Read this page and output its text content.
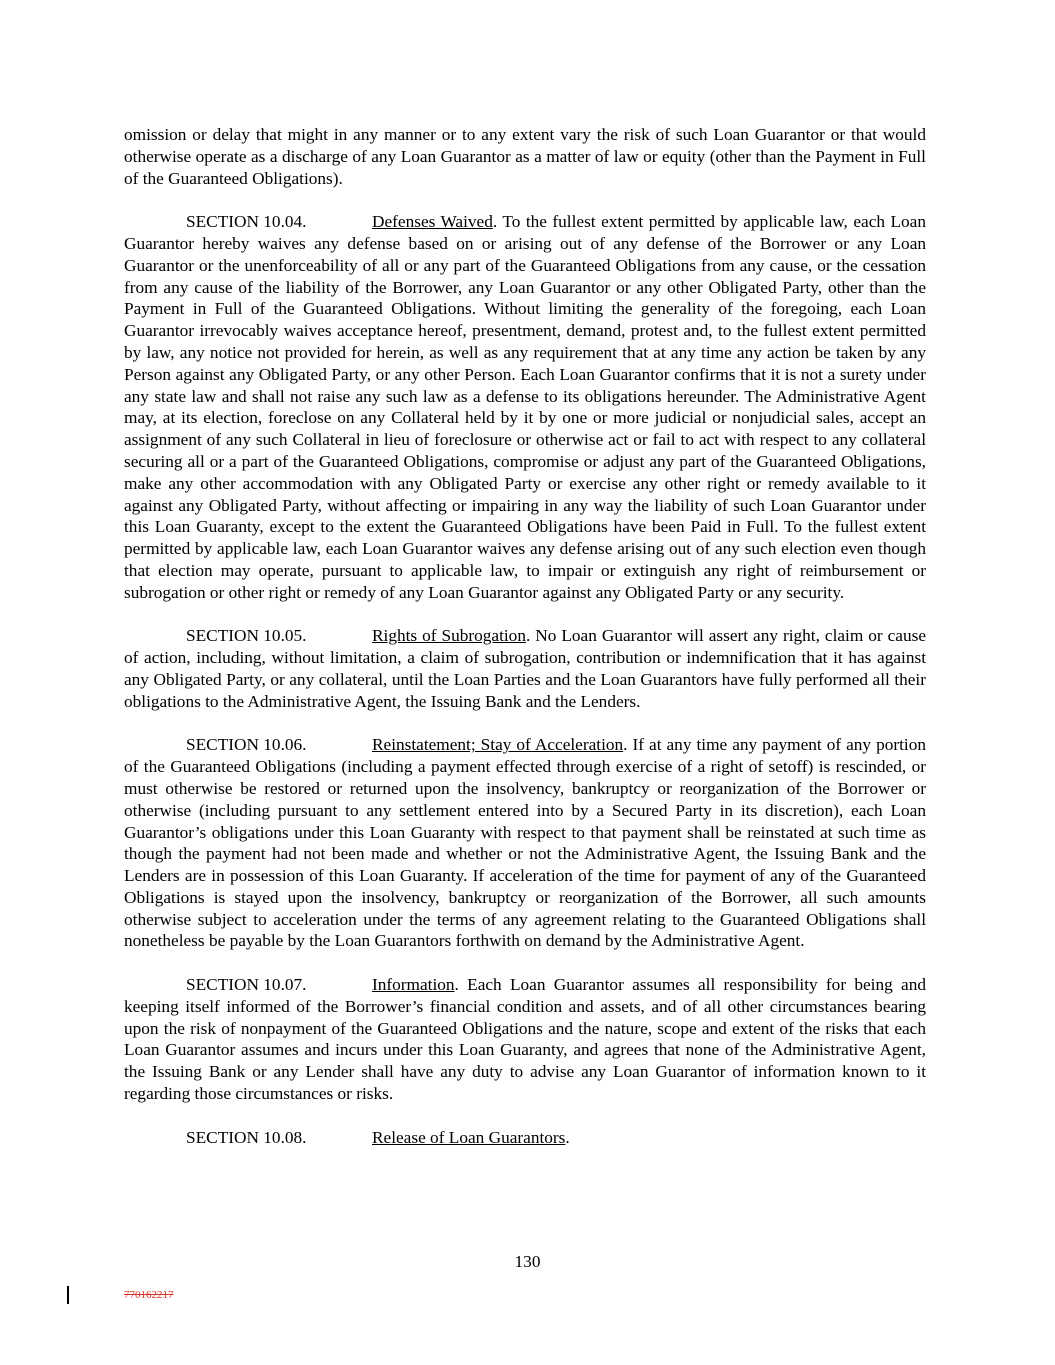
omission or delay that might in any manner or to any extent vary the risk of such Loan Guarantor or that would otherwise operate as a discharge of any Loan Guarantor as a matter of law or equity (other than the Payment in Full of the Guaranteed Obligations).

SECTION 10.04.	Defenses Waived. To the fullest extent permitted by applicable law, each Loan Guarantor hereby waives any defense based on or arising out of any defense of the Borrower or any Loan Guarantor or the unenforceability of all or any part of the Guaranteed Obligations from any cause, or the cessation from any cause of the liability of the Borrower, any Loan Guarantor or any other Obligated Party, other than the Payment in Full of the Guaranteed Obligations. Without limiting the generality of the foregoing, each Loan Guarantor irrevocably waives acceptance hereof, presentment, demand, protest and, to the fullest extent permitted by law, any notice not provided for herein, as well as any requirement that at any time any action be taken by any Person against any Obligated Party, or any other Person. Each Loan Guarantor confirms that it is not a surety under any state law and shall not raise any such law as a defense to its obligations hereunder. The Administrative Agent may, at its election, foreclose on any Collateral held by it by one or more judicial or nonjudicial sales, accept an assignment of any such Collateral in lieu of foreclosure or otherwise act or fail to act with respect to any collateral securing all or a part of the Guaranteed Obligations, compromise or adjust any part of the Guaranteed Obligations, make any other accommodation with any Obligated Party or exercise any other right or remedy available to it against any Obligated Party, without affecting or impairing in any way the liability of such Loan Guarantor under this Loan Guaranty, except to the extent the Guaranteed Obligations have been Paid in Full. To the fullest extent permitted by applicable law, each Loan Guarantor waives any defense arising out of any such election even though that election may operate, pursuant to applicable law, to impair or extinguish any right of reimbursement or subrogation or other right or remedy of any Loan Guarantor against any Obligated Party or any security.

SECTION 10.05.	Rights of Subrogation. No Loan Guarantor will assert any right, claim or cause of action, including, without limitation, a claim of subrogation, contribution or indemnification that it has against any Obligated Party, or any collateral, until the Loan Parties and the Loan Guarantors have fully performed all their obligations to the Administrative Agent, the Issuing Bank and the Lenders.

SECTION 10.06.	Reinstatement; Stay of Acceleration. If at any time any payment of any portion of the Guaranteed Obligations (including a payment effected through exercise of a right of setoff) is rescinded, or must otherwise be restored or returned upon the insolvency, bankruptcy or reorganization of the Borrower or otherwise (including pursuant to any settlement entered into by a Secured Party in its discretion), each Loan Guarantor’s obligations under this Loan Guaranty with respect to that payment shall be reinstated at such time as though the payment had not been made and whether or not the Administrative Agent, the Issuing Bank and the Lenders are in possession of this Loan Guaranty. If acceleration of the time for payment of any of the Guaranteed Obligations is stayed upon the insolvency, bankruptcy or reorganization of the Borrower, all such amounts otherwise subject to acceleration under the terms of any agreement relating to the Guaranteed Obligations shall nonetheless be payable by the Loan Guarantors forthwith on demand by the Administrative Agent.

SECTION 10.07.	Information. Each Loan Guarantor assumes all responsibility for being and keeping itself informed of the Borrower’s financial condition and assets, and of all other circumstances bearing upon the risk of nonpayment of the Guaranteed Obligations and the nature, scope and extent of the risks that each Loan Guarantor assumes and incurs under this Loan Guaranty, and agrees that none of the Administrative Agent, the Issuing Bank or any Lender shall have any duty to advise any Loan Guarantor of information known to it regarding those circumstances or risks.

SECTION 10.08.	Release of Loan Guarantors.

130
770162217
